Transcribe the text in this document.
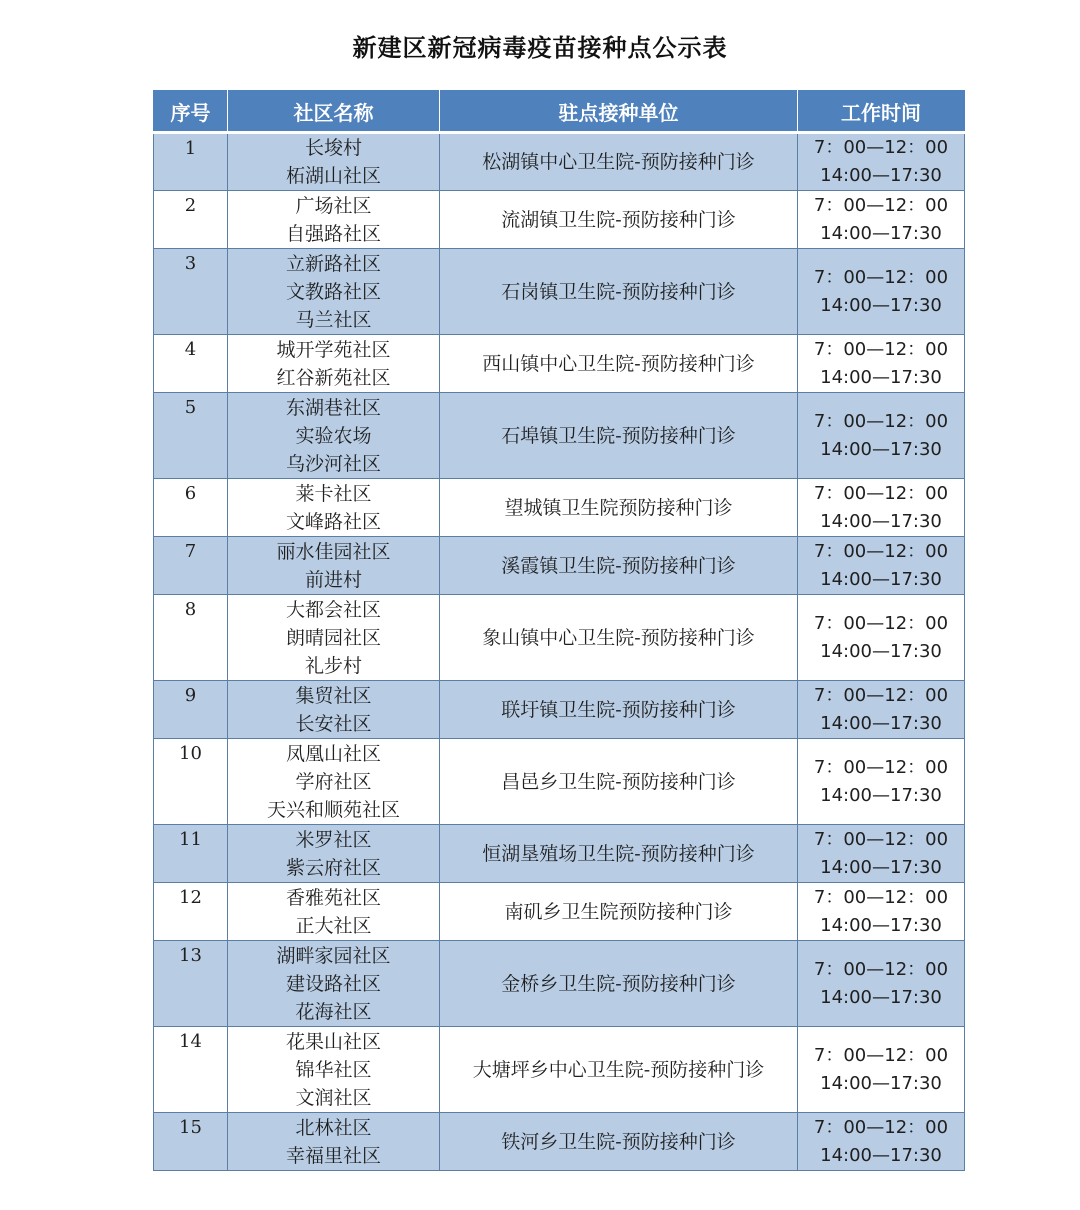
新建区新冠病毒疫苗接种点公示表
序号	社区名称	驻点接种单位	工作时间
1	长埈村
柘湖山社区	松湖镇中心卫生院-预防接种门诊	7：00—12：00
14:00—17:30

2	广场社区
自强路社区	流湖镇卫生院-预防接种门诊	7：00—12：00
14:00—17:30

3	立新路社区
文教路社区
马兰社区	石岗镇卫生院-预防接种门诊	7：00—12：00
14:00—17:30

4	城开学苑社区
红谷新苑社区	西山镇中心卫生院-预防接种门诊	7：00—12：00
14:00—17:30

5	东湖巷社区
实验农场
乌沙河社区	石埠镇卫生院-预防接种门诊	7：00—12：00
14:00—17:30

6	莱卡社区
文峰路社区	望城镇卫生院预防接种门诊	7：00—12：00
14:00—17:30

7	丽水佳园社区
前进村	溪霞镇卫生院-预防接种门诊	7：00—12：00
14:00—17:30

8	大都会社区
朗晴园社区
礼步村	象山镇中心卫生院-预防接种门诊	7：00—12：00
14:00—17:30

9	集贸社区
长安社区	联圩镇卫生院-预防接种门诊	7：00—12：00
14:00—17:30

10	凤凰山社区
学府社区
天兴和顺苑社区	昌邑乡卫生院-预防接种门诊	7：00—12：00
14:00—17:30

11	米罗社区
紫云府社区	恒湖垦殖场卫生院-预防接种门诊	7：00—12：00
14:00—17:30

12	香雅苑社区
正大社区	南矶乡卫生院预防接种门诊	7：00—12：00
14:00—17:30

13	湖畔家园社区
建设路社区
花海社区	金桥乡卫生院-预防接种门诊	7：00—12：00
14:00—17:30

14	花果山社区
锦华社区
文润社区	大塘坪乡中心卫生院-预防接种门诊	7：00—12：00
14:00—17:30

15	北林社区
幸福里社区	铁河乡卫生院-预防接种门诊	7：00—12：00
14:00—17:30
